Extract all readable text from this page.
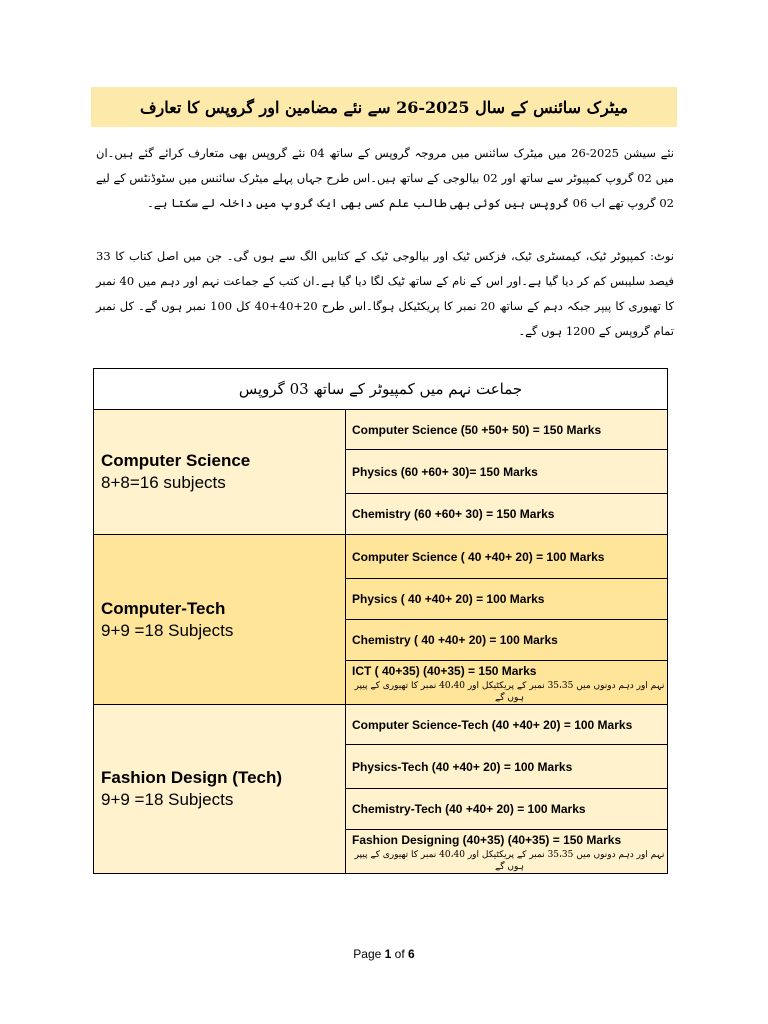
میٹرک سائنس کے سال 2025-26 سے نئے مضامین اور گروپس کا تعارف
نئے سیشن 2025-26 میں میٹرک سائنس میں مروجہ گروپس کے ساتھ 04 نئے گروپس بھی متعارف کرائے گئے ہیں۔ان میں 02 گروپ کمپیوٹر سے ساتھ اور 02 بیالوجی کے ساتھ ہیں۔اس طرح جہاں پہلے میٹرک سائنس میں سٹوڈنٹس کے لیے 02 گروپ تھے اب 06 گروپس ہیں کوئی بھی طالب علم کسی بھی ایک گروپ میں داخلہ لے سکتا ہے۔
نوٹ: کمپیوٹر ٹیک، کیمسٹری ٹیک، فزکس ٹیک اور بیالوجی ٹیک کے کتابیں الگ سے ہوں گی۔ جن میں اصل کتاب کا 33 فیصد سلیبس کم کر دیا گیا ہے۔اور اس کے نام کے ساتھ ٹیک لگا دیا گیا ہے۔ان کتب کے جماعت نہم اور دہم میں 40 نمبر کا تھیوری کا پیپر جبکہ دہم کے ساتھ 20 نمبر کا پریکٹیکل ہوگا۔اس طرح 20+40+40 کل 100 نمبر ہوں گے۔ کل نمبر تمام گروپس کے 1200 ہوں گے۔
جماعت نہم میں کمپیوٹر کے ساتھ 03 گروپس	

Computer Science
8+8=16 subjects	Computer Science (50 +50+ 50) = 150 Marks
	Physics (60 +60+ 30)= 150 Marks
	Chemistry (60 +60+ 30) = 150 Marks

Computer-Tech
9+9 =18 Subjects	Computer Science ( 40 +40+ 20) = 100 Marks
	Physics ( 40 +40+ 20) = 100 Marks
	Chemistry ( 40 +40+ 20) = 100 Marks

	ICT ( 40+35) (40+35) = 150 Marks
نہم اور دہم دونوں میں 35،35 نمبر کے پریکٹیکل اور 40،40 نمبر کا تھیوری کے پیپر ہوں گے

Fashion Design (Tech)
9+9 =18 Subjects	Computer Science-Tech (40 +40+ 20) = 100 Marks
	Physics-Tech (40 +40+ 20) = 100 Marks
	Chemistry-Tech (40 +40+ 20) = 100 Marks

	Fashion Designing (40+35) (40+35) = 150 Marks
نہم اور دہم دونوں میں 35،35 نمبر کے پریکٹیکل اور 40،40 نمبر کا تھیوری کے پیپر ہوں گے
Page 1 of 6
